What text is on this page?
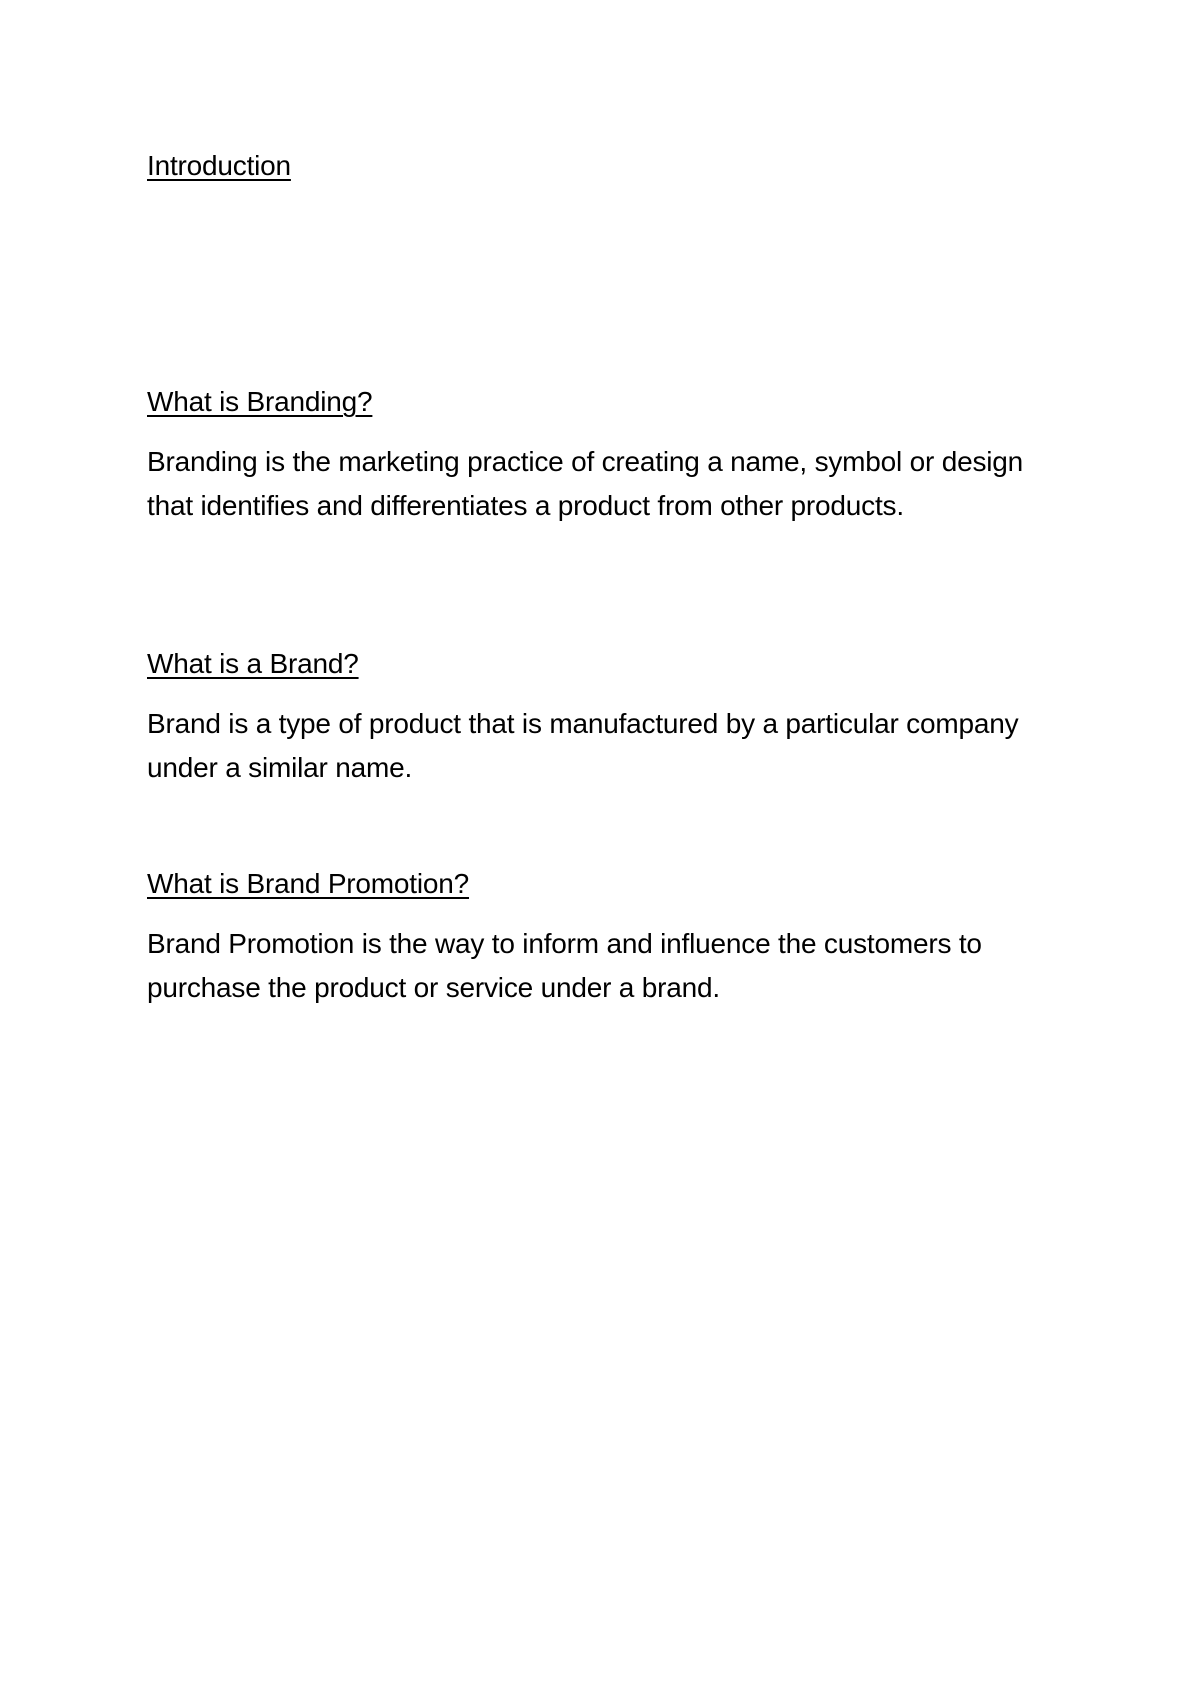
Introduction
What is Branding?

Branding is the marketing practice of creating a name, symbol or design that identifies and differentiates a product from other products.

What is a Brand?

Brand is a type of product that is manufactured by a particular company under a similar name.

What is Brand Promotion?

Brand Promotion is the way to inform and influence the customers to purchase the product or service under a brand.
